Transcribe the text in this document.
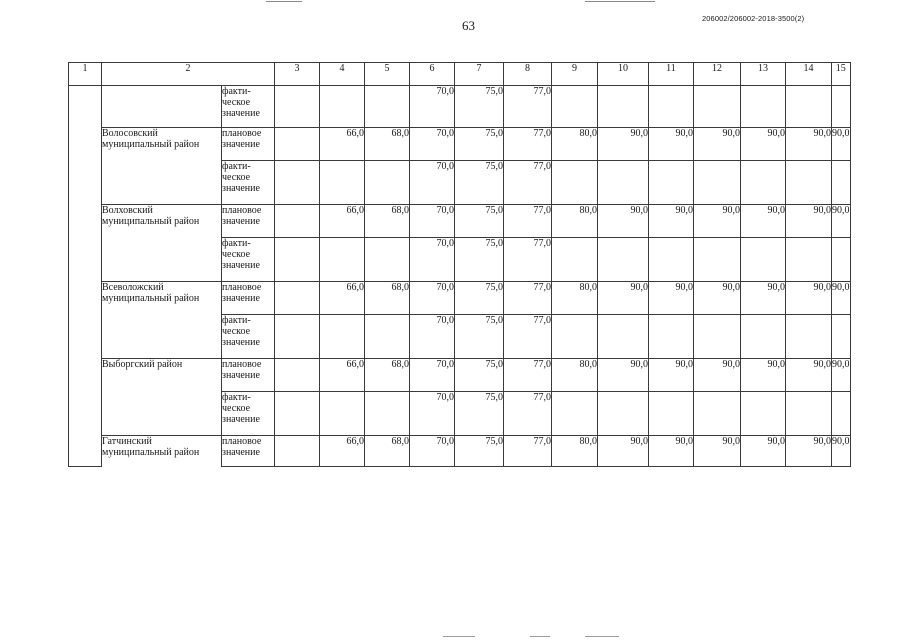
63	206002/206002-2018-3500(2)
1	2		3	4	5	6	7	8	9	10	11	12	13	14	15
		факти-
ческое
значение				70,0	75,0	77,0							
	Волосовский
муниципальный район	плановое
значение		66,0	68,0	70,0	75,0	77,0	80,0	90,0	90,0	90,0	90,0	90,0	90,0
		факти-
ческое
значение				70,0	75,0	77,0							
	Волховский
муниципальный район	плановое
значение		66,0	68,0	70,0	75,0	77,0	80,0	90,0	90,0	90,0	90,0	90,0	90,0
		факти-
ческое
значение				70,0	75,0	77,0							
	Всеволожский
муниципальный район	плановое
значение		66,0	68,0	70,0	75,0	77,0	80,0	90,0	90,0	90,0	90,0	90,0	90,0
		факти-
ческое
значение				70,0	75,0	77,0							
	Выборгский район	плановое
значение		66,0	68,0	70,0	75,0	77,0	80,0	90,0	90,0	90,0	90,0	90,0	90,0
		факти-
ческое
значение				70,0	75,0	77,0							
	Гатчинский
муниципальный район	плановое
значение		66,0	68,0	70,0	75,0	77,0	80,0	90,0	90,0	90,0	90,0	90,0	90,0
